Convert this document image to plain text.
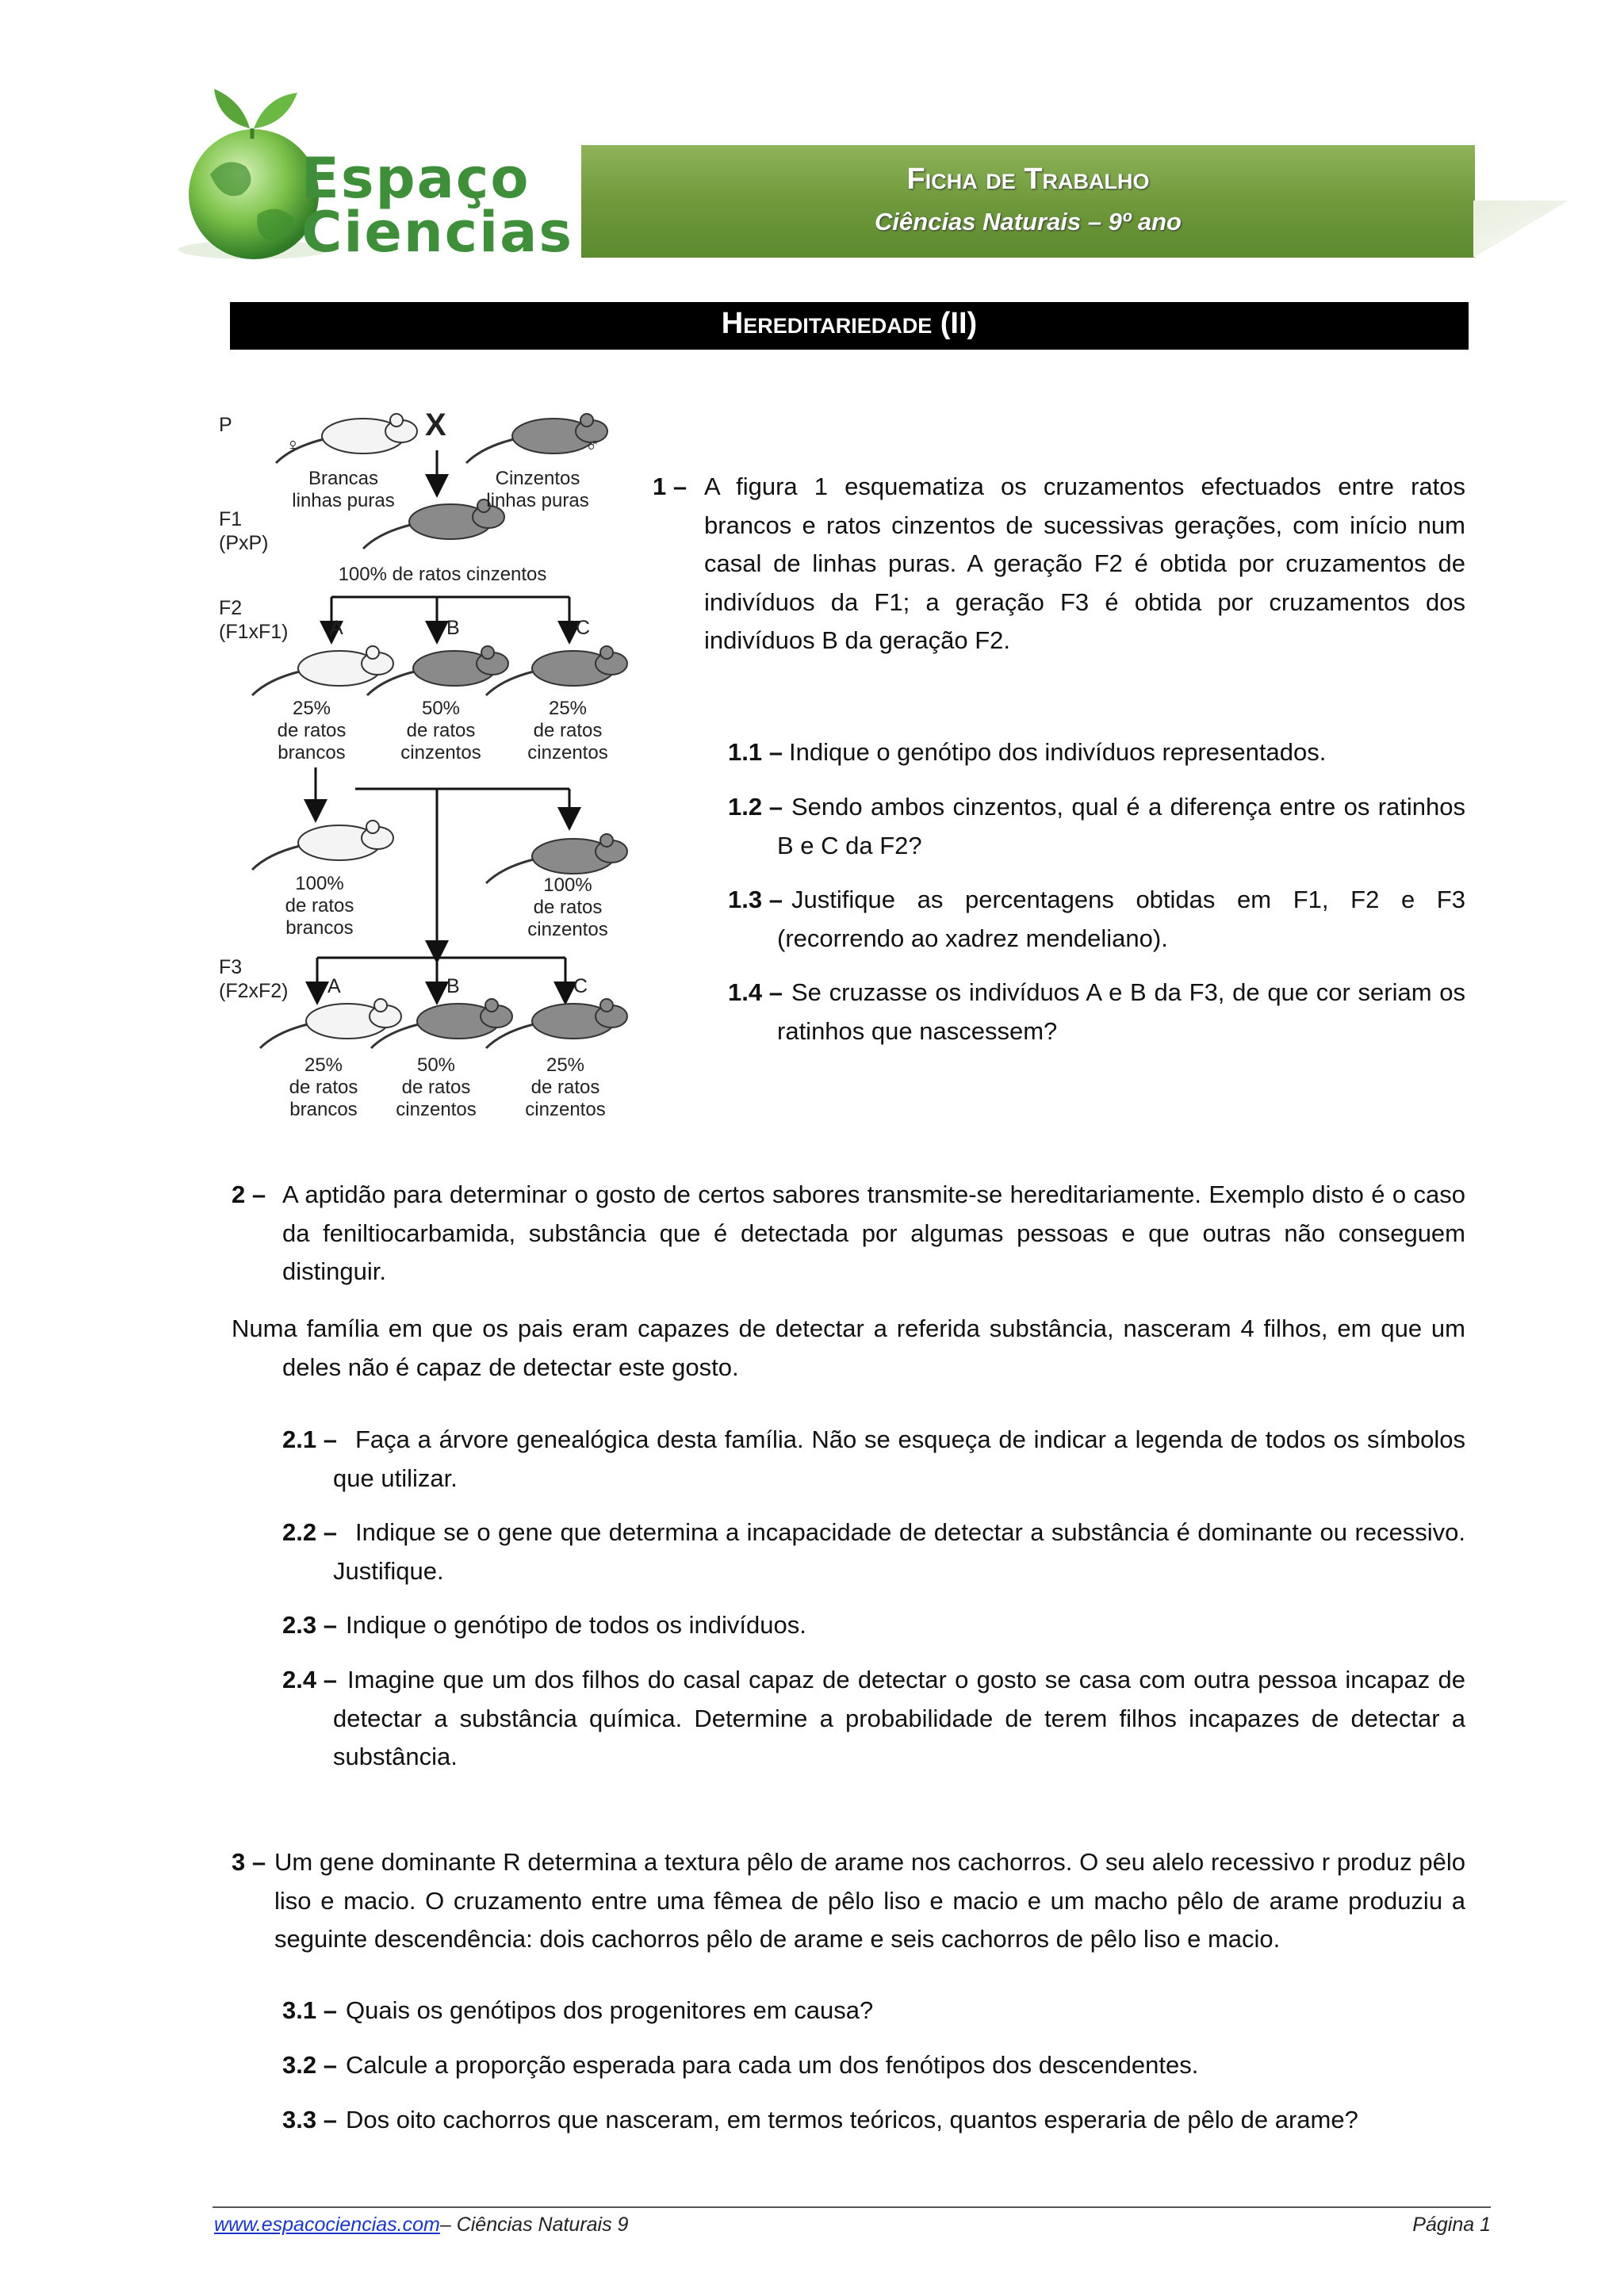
Espaço
Ciencias
Ficha de Trabalho
Ciências Naturais – 9º ano
Hereditariedade (II)
P	X
♀	♂
Brancas
linhas puras
Cinzentos
linhas puras
F1
(PxP)
100% de ratos cinzentos
F2
(F1xF1) A	B	C
25%
de ratos
brancos
50%
de ratos
cinzentos
25%
de ratos
cinzentos
100%
de ratos
brancos
100%
de ratos
cinzentos
F3
(F2xF2) A	B	C
25%
de ratos
brancos
50%
de ratos
cinzentos
25%
de ratos
cinzentos
1 – A figura 1 esquematiza os cruzamentos efectuados entre ratos brancos e ratos cinzentos de sucessivas gerações, com início num casal de linhas puras. A geração F2 é obtida por cruzamentos de indivíduos da F1; a geração F3 é obtida por cruzamentos dos indivíduos B da geração F2.
1.1 – Indique o genótipo dos indivíduos representados.
1.2 – Sendo ambos cinzentos, qual é a diferença entre os ratinhos B e C da F2?
1.3 – Justifique as percentagens obtidas em F1, F2 e F3 (recorrendo ao xadrez mendeliano).
1.4 – Se cruzasse os indivíduos A e B da F3, de que cor seriam os ratinhos que nascessem?
2 – A aptidão para determinar o gosto de certos sabores transmite-se hereditariamente. Exemplo disto é o caso da feniltiocarbamida, substância que é detectada por algumas pessoas e que outras não conseguem distinguir.
Numa família em que os pais eram capazes de detectar a referida substância, nasceram 4 filhos, em que um deles não é capaz de detectar este gosto.
2.1 – Faça a árvore genealógica desta família. Não se esqueça de indicar a legenda de todos os símbolos que utilizar.
2.2 – Indique se o gene que determina a incapacidade de detectar a substância é dominante ou recessivo. Justifique.
2.3 – Indique o genótipo de todos os indivíduos.
2.4 – Imagine que um dos filhos do casal capaz de detectar o gosto se casa com outra pessoa incapaz de detectar a substância química. Determine a probabilidade de terem filhos incapazes de detectar a substância.
3 – Um gene dominante R determina a textura pêlo de arame nos cachorros. O seu alelo recessivo r produz pêlo liso e macio. O cruzamento entre uma fêmea de pêlo liso e macio e um macho pêlo de arame produziu a seguinte descendência: dois cachorros pêlo de arame e seis cachorros de pêlo liso e macio.
3.1 – Quais os genótipos dos progenitores em causa?
3.2 – Calcule a proporção esperada para cada um dos fenótipos dos descendentes.
3.3 – Dos oito cachorros que nasceram, em termos teóricos, quantos esperaria de pêlo de arame?
www.espacociencias.com– Ciências Naturais 9	Página 1
